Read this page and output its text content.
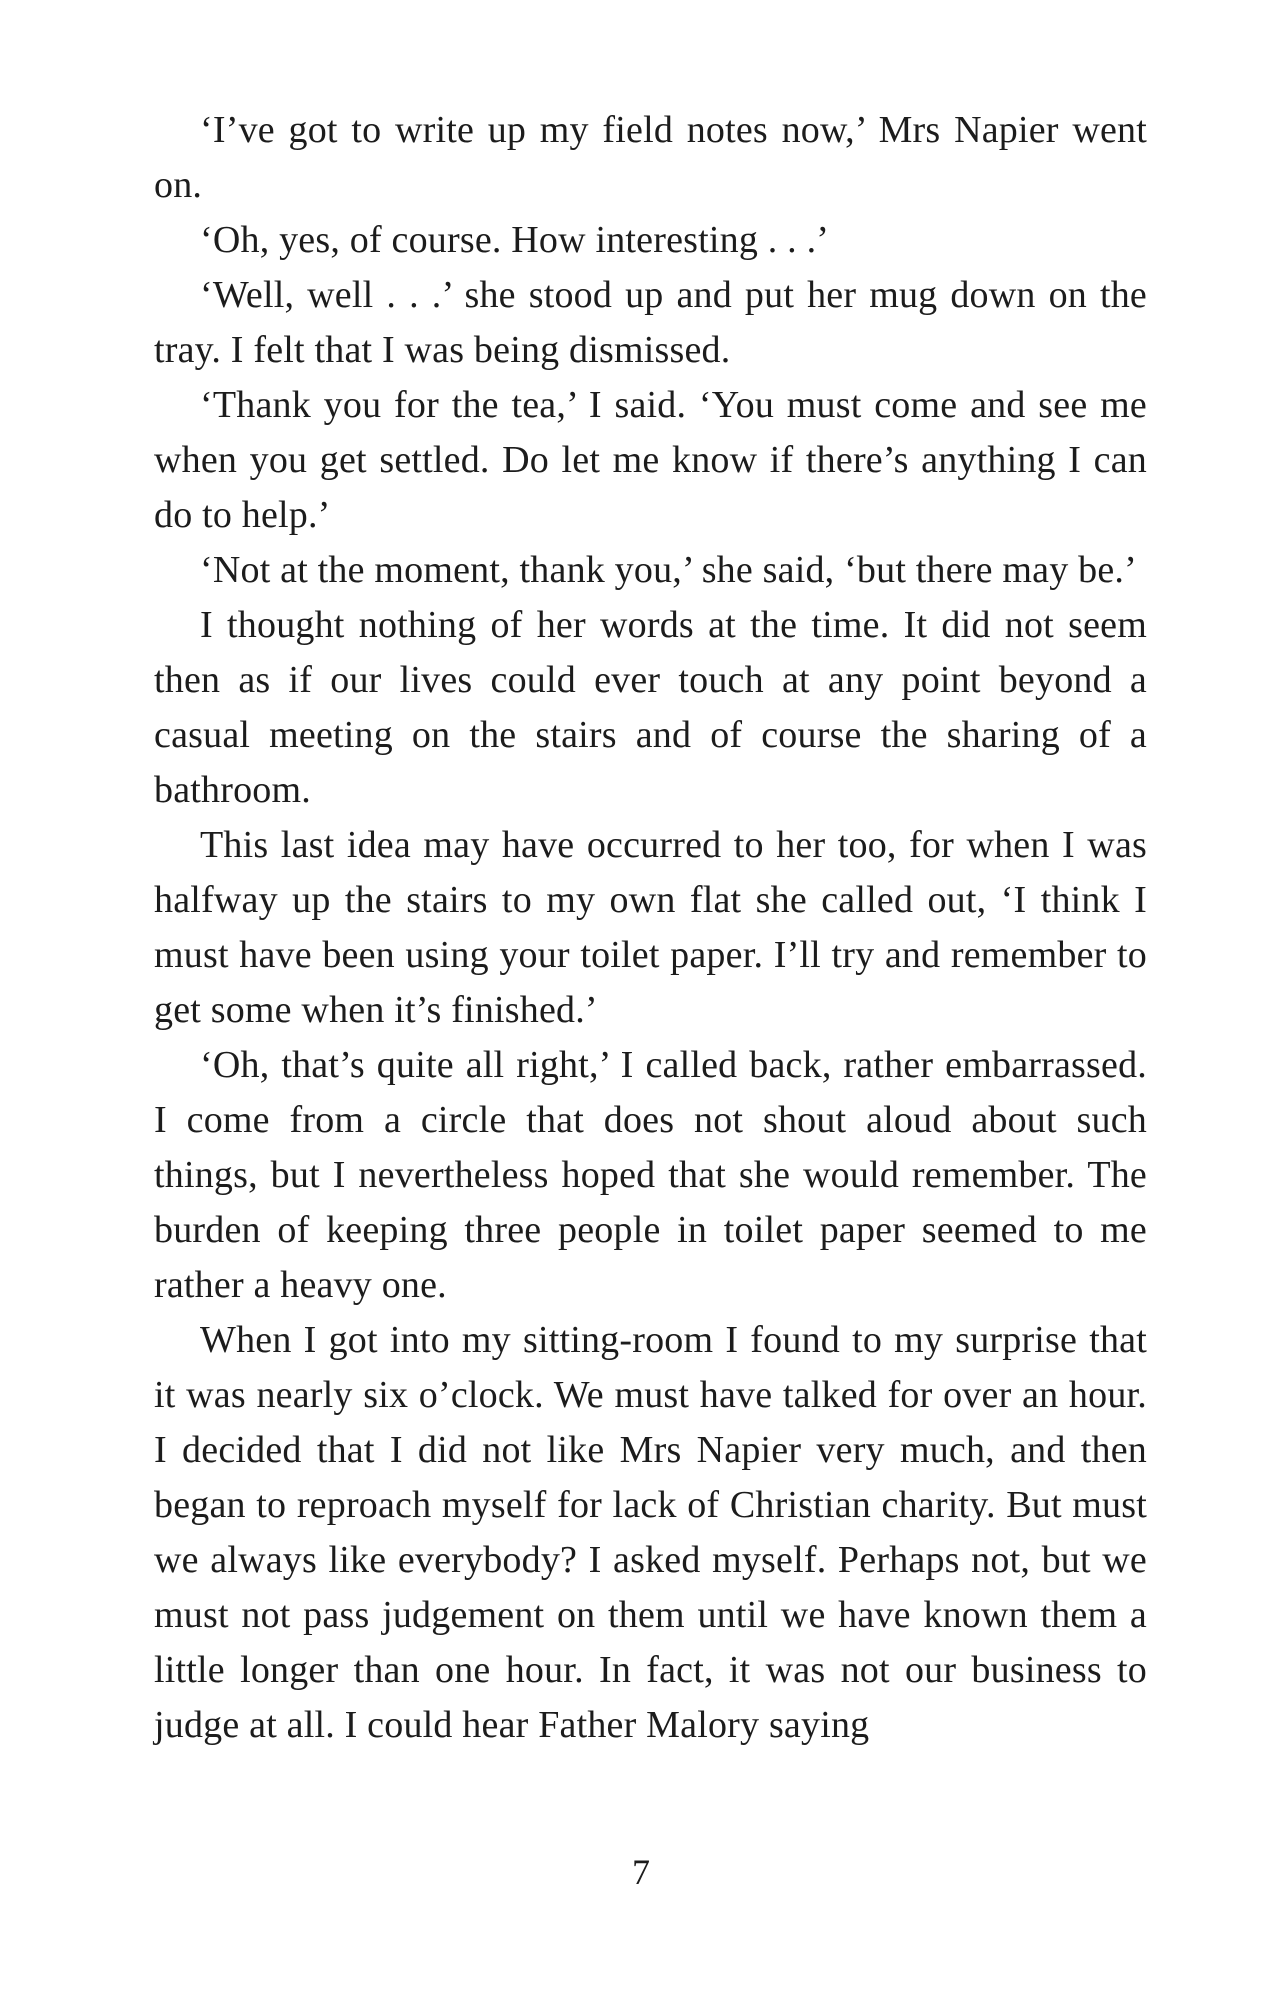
‘I’ve got to write up my field notes now,’ Mrs Napier went on.

‘Oh, yes, of course. How interesting . . .’

‘Well, well . . .’ she stood up and put her mug down on the tray. I felt that I was being dismissed.

‘Thank you for the tea,’ I said. ‘You must come and see me when you get settled. Do let me know if there’s anything I can do to help.’

‘Not at the moment, thank you,’ she said, ‘but there may be.’

I thought nothing of her words at the time. It did not seem then as if our lives could ever touch at any point beyond a casual meeting on the stairs and of course the sharing of a bathroom.

This last idea may have occurred to her too, for when I was halfway up the stairs to my own flat she called out, ‘I think I must have been using your toilet paper. I’ll try and remember to get some when it’s finished.’

‘Oh, that’s quite all right,’ I called back, rather embarrassed. I come from a circle that does not shout aloud about such things, but I nevertheless hoped that she would remember. The burden of keeping three people in toilet paper seemed to me rather a heavy one.

When I got into my sitting-room I found to my surprise that it was nearly six o’clock. We must have talked for over an hour. I decided that I did not like Mrs Napier very much, and then began to reproach myself for lack of Christian charity. But must we always like everybody? I asked myself. Perhaps not, but we must not pass judgement on them until we have known them a little longer than one hour. In fact, it was not our business to judge at all. I could hear Father Malory saying

7
